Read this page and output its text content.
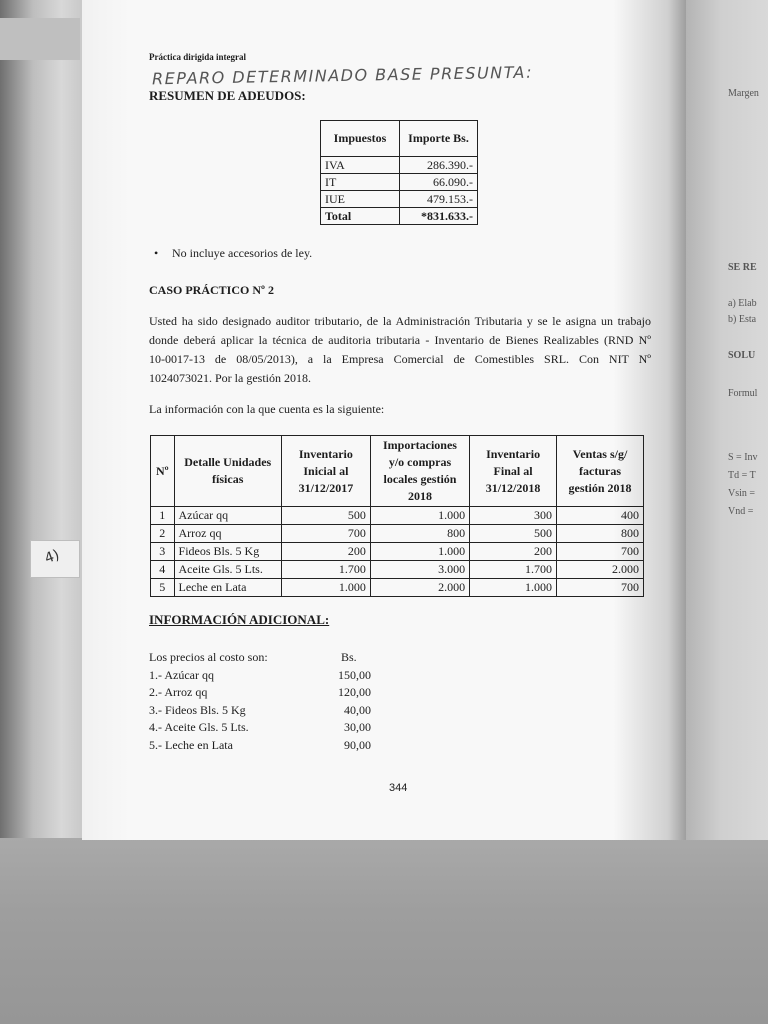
Margen
SE RE
a) Elab
b) Esta
SOLU
Formul
S = Inv
Td = T
Vsin =
Vnd =
4)
Práctica dirigida integral
REPARO DETERMINADO BASE PRESUNTA:
RESUMEN DE ADEUDOS:
Impuestos	Importe Bs.
IVA	286.390.-
IT	66.090.-
IUE	479.153.-
Total	*831.633.-
• No incluye accesorios de ley.
CASO PRÁCTICO Nº 2
Usted ha sido designado auditor tributario, de la Administración Tributaria y se le asigna un trabajo
donde deberá aplicar la técnica de auditoria tributaria - Inventario de Bienes Realizables (RND Nº
10-0017-13 de 08/05/2013), a la Empresa Comercial de Comestibles SRL. Con NIT Nº
1024073021. Por la gestión 2018.
La información con la que cuenta es la siguiente:
Nº	Detalle Unidades físicas	Inventario Inicial al 31/12/2017	Importaciones y/o compras locales gestión 2018	Inventario Final al 31/12/2018	Ventas s/g/ facturas gestión 2018
1	Azúcar qq	500	1.000	300	400
2	Arroz qq	700	800	500	800
3	Fideos Bls. 5 Kg	200	1.000	200	700
4	Aceite Gls. 5 Lts.	1.700	3.000	1.700	2.000
5	Leche en Lata	1.000	2.000	1.000	700
INFORMACIÓN ADICIONAL:
Los precios al costo son:	Bs.
1.- Azúcar qq	150,00
2.- Arroz qq	120,00
3.- Fideos Bls. 5 Kg	40,00
4.- Aceite Gls. 5 Lts.	30,00
5.- Leche en Lata	90,00
344
